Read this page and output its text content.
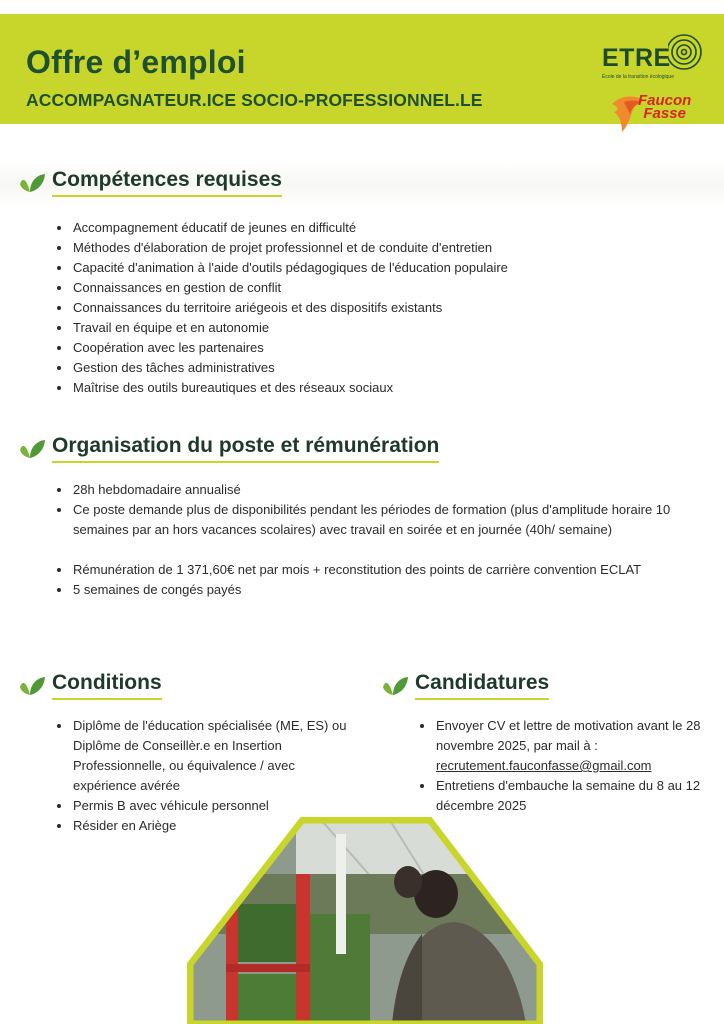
Offre d’emploi

ACCOMPAGNATEUR.ICE SOCIO-PROFESSIONNEL.LE

ETRE
École de la transition écologique
Faucon
Fasse
Compétences requises
Accompagnement éducatif de jeunes en difficulté
Méthodes d'élaboration de projet professionnel et de conduite d'entretien
Capacité d'animation à l'aide d'outils pédagogiques de l'éducation populaire
Connaissances en gestion de conflit
Connaissances du territoire ariégeois et des dispositifs existants
Travail en équipe et en autonomie
Coopération avec les partenaires
Gestion des tâches administratives
Maîtrise des outils bureautiques et des réseaux sociaux
Organisation du poste et rémunération
28h hebdomadaire annualisé
Ce poste demande plus de disponibilités pendant les périodes de formation (plus d'amplitude horaire 10 semaines par an hors vacances scolaires) avec travail en soirée et en journée (40h/ semaine)

Rémunération de 1 371,60€ net par mois + reconstitution des points de carrière convention ECLAT
5 semaines de congés payés
Conditions
Diplôme de l'éducation spécialisée (ME, ES) ou Diplôme de Conseillèr.e en Insertion Professionnelle, ou équivalence / avec expérience avérée
Permis B avec véhicule personnel
Résider en Ariège
Candidatures
Envoyer CV et lettre de motivation avant le 28 novembre 2025, par mail à :
recrutement.fauconfasse@gmail.com
Entretiens d'embauche la semaine du 8 au 12 décembre 2025
